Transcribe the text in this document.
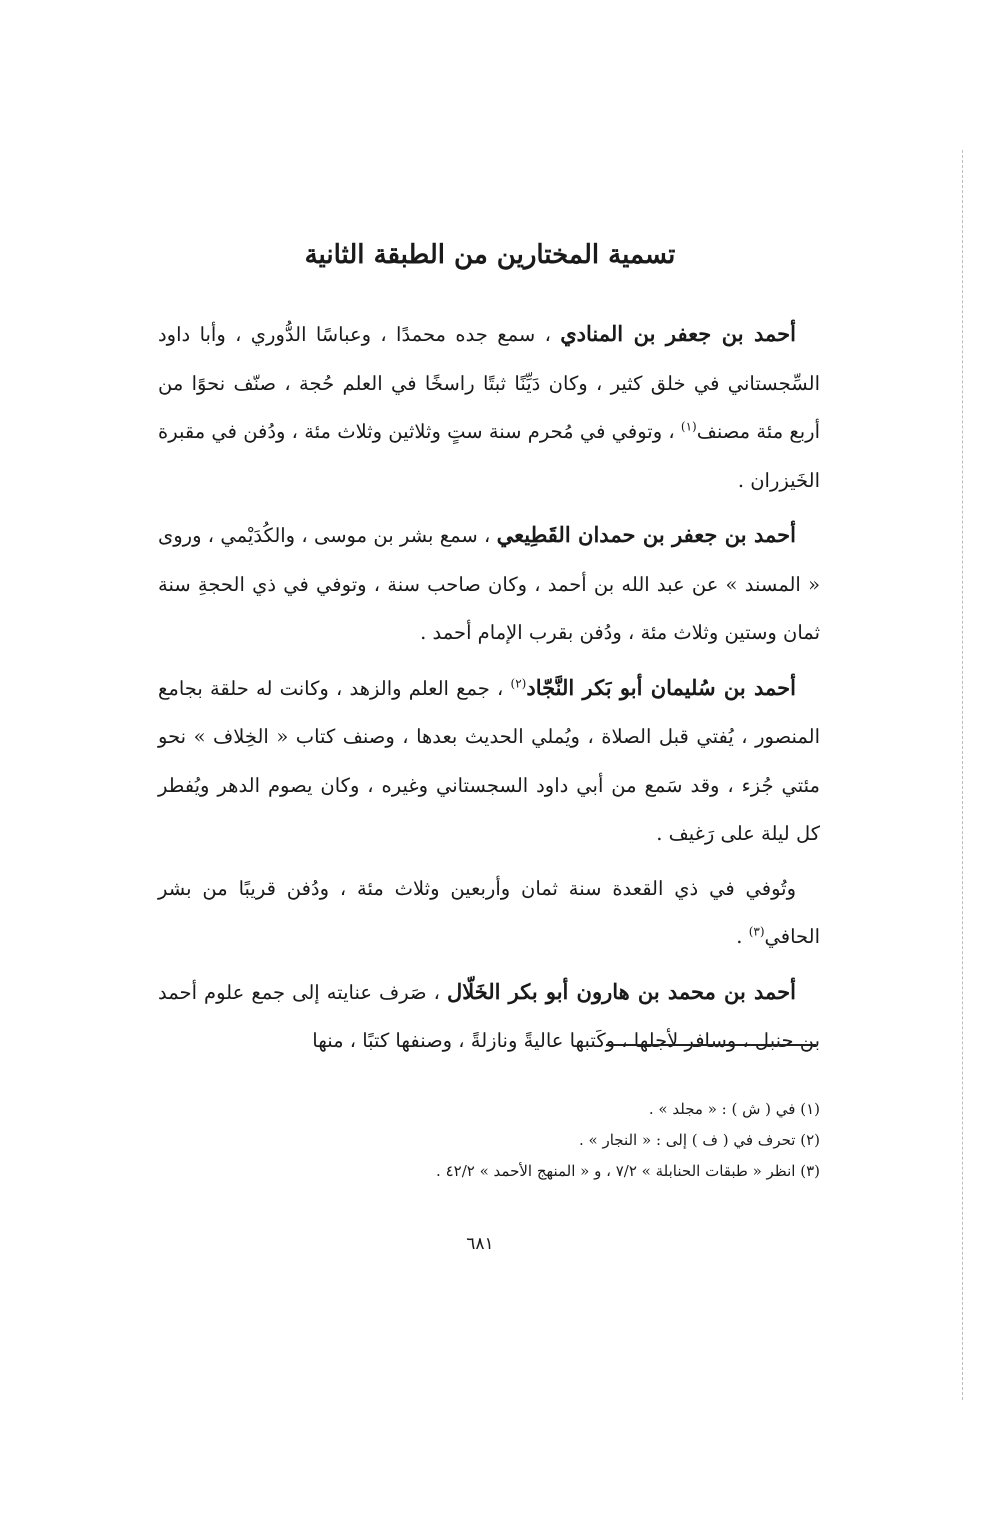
تسمية المختارين من الطبقة الثانية

أحمد بن جعفر بن المنادي ، سمع جده محمدًا ، وعباسًا الدُّوري ، وأبا داود السِّجستاني في خلق كثير ، وكان دَيِّنًا ثبتًا راسخًا في العلم حُجة ، صنّف نحوًا من أربع مئة مصنف$^{(١)}$ ، وتوفي في مُحرم سنة ستٍ وثلاثين وثلاث مئة ، ودُفن في مقبرة الخَيزران .

أحمد بن جعفر بن حمدان القَطِيعي ، سمع بشر بن موسى ، والكُدَيْمي ، وروى « المسند » عن عبد الله بن أحمد ، وكان صاحب سنة ، وتوفي في ذي الحجةِ سنة ثمان وستين وثلاث مئة ، ودُفن بقرب الإمام أحمد .

أحمد بن سُليمان أبو بَكر النَّجّاد$^{(٢)}$ ، جمع العلم والزهد ، وكانت له حلقة بجامع المنصور ، يُفتي قبل الصلاة ، ويُملي الحديث بعدها ، وصنف كتاب « الخِلاف » نحو مئتي جُزء ، وقد سَمع من أبي داود السجستاني وغيره ، وكان يصوم الدهر ويُفطر كل ليلة على رَغيف .

وتُوفي في ذي القعدة سنة ثمان وأربعين وثلاث مئة ، ودُفن قريبًا من بشر الحافي$^{(٣)}$ .

أحمد بن محمد بن هارون أبو بكر الخَلّال ، صَرف عنايته إلى جمع علوم أحمد بن حنبل ، وسافر لأجلها ، وكَتبها عاليةً ونازلةً ، وصنفها كتبًا ، منها

(١) في ( ش ) : « مجلد » .
(٢) تحرف في ( ف ) إلى : « النجار » .
(٣) انظر « طبقات الحنابلة » ٧/٢ ، و « المنهج الأحمد » ٤٢/٢ .
٦٨١
